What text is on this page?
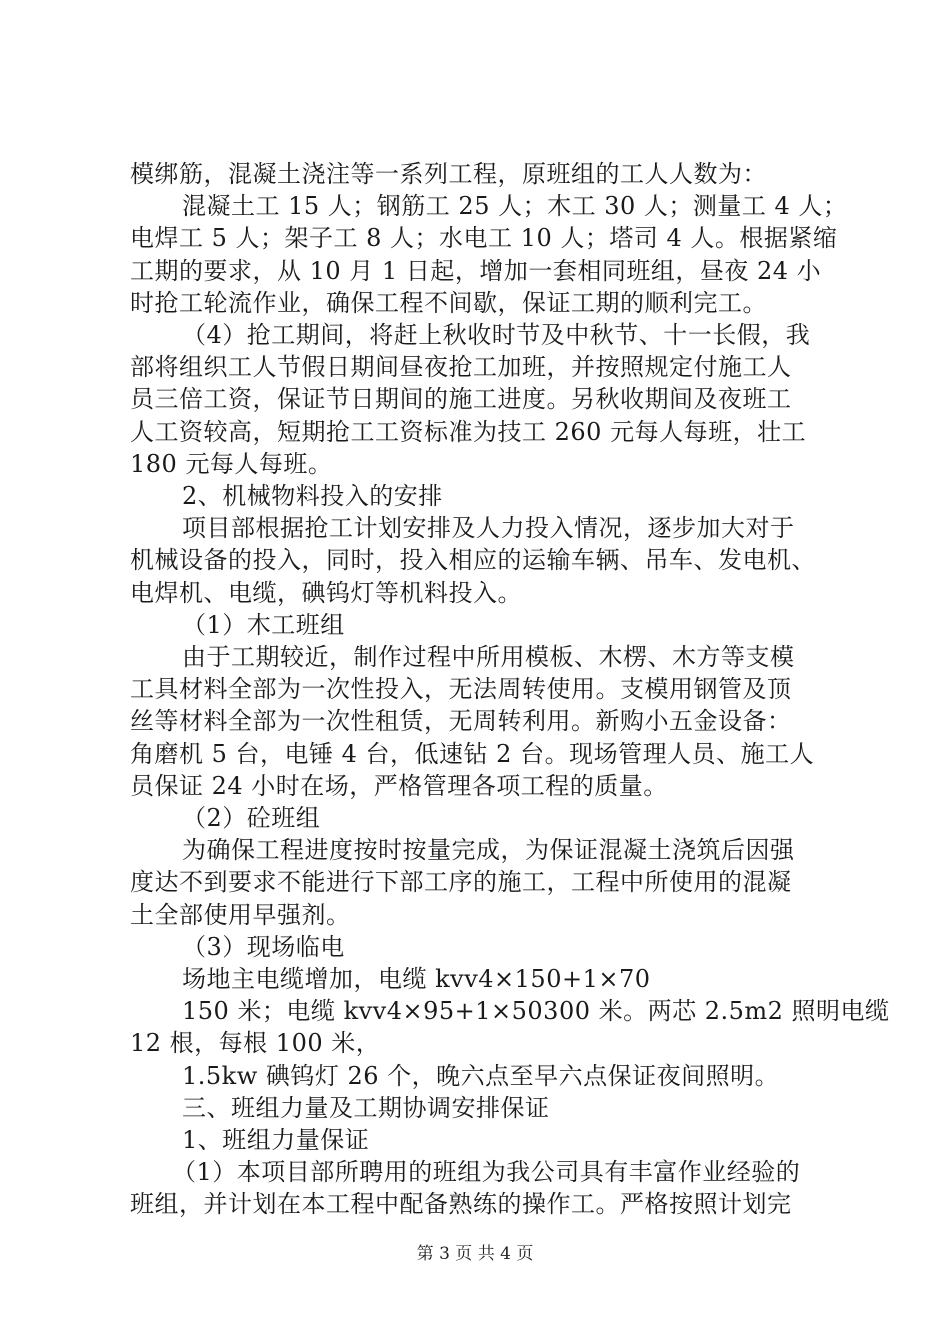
模绑筋，混凝土浇注等一系列工程，原班组的工人人数为：
混凝土工 15 人；钢筋工 25 人；木工 30 人；测量工 4 人；
电焊工 5 人；架子工 8 人；水电工 10 人；塔司 4 人。根据紧缩
工期的要求，从 10 月 1 日起，增加一套相同班组，昼夜 24 小
时抢工轮流作业，确保工程不间歇，保证工期的顺利完工。
（4）抢工期间，将赶上秋收时节及中秋节、十一长假，我
部将组织工人节假日期间昼夜抢工加班，并按照规定付施工人
员三倍工资，保证节日期间的施工进度。另秋收期间及夜班工
人工资较高，短期抢工工资标准为技工 260 元每人每班，壮工
180 元每人每班。
2、机械物料投入的安排
项目部根据抢工计划安排及人力投入情况，逐步加大对于
机械设备的投入，同时，投入相应的运输车辆、吊车、发电机、
电焊机、电缆，碘钨灯等机料投入。
（1）木工班组
由于工期较近，制作过程中所用模板、木楞、木方等支模
工具材料全部为一次性投入，无法周转使用。支模用钢管及顶
丝等材料全部为一次性租赁，无周转利用。新购小五金设备：
角磨机 5 台，电锤 4 台，低速钻 2 台。现场管理人员、施工人
员保证 24 小时在场，严格管理各项工程的质量。
（2）砼班组
为确保工程进度按时按量完成，为保证混凝土浇筑后因强
度达不到要求不能进行下部工序的施工，工程中所使用的混凝
土全部使用早强剂。
（3）现场临电
场地主电缆增加，电缆 kvv4×150+1×70
150 米；电缆 kvv4×95+1×50300 米。两芯 2.5m2 照明电缆
12 根，每根 100 米，
1.5kw 碘钨灯 26 个，晚六点至早六点保证夜间照明。
三、班组力量及工期协调安排保证
1、班组力量保证
（1）本项目部所聘用的班组为我公司具有丰富作业经验的
班组，并计划在本工程中配备熟练的操作工。严格按照计划完
第 3 页 共 4 页
